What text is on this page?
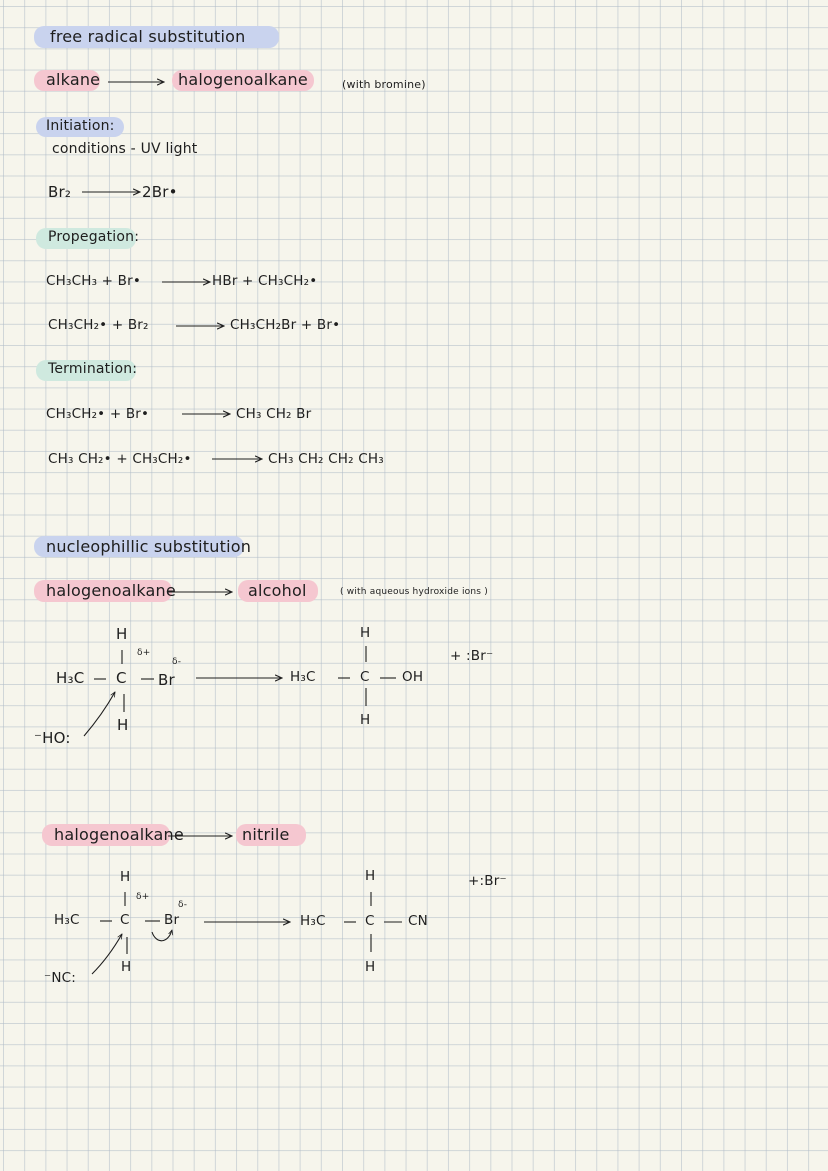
free radical substitution
alkane	halogenoalkane	(with bromine)
Initiation:
conditions - UV light
Br₂	2Br•
Propegation:
CH₃CH₃ + Br•	HBr + CH₃CH₂•
CH₃CH₂• + Br₂	CH₃CH₂Br + Br•
Termination:
CH₃CH₂• + Br•	CH₃ CH₂ Br
CH₃ CH₂• + CH₃CH₂•	CH₃ CH₂ CH₂ CH₃
nucleophillic substitution
halogenoalkane	alcohol	( with aqueous hydroxide ions )
H
δ+
δ-
H₃C C Br
H
⁻HO:
H
H₃C	C OH
H
+ :Br⁻
halogenoalkane	nitrile
H
δ+
δ-
H₃C	C	Br
H
⁻NC:
H
H₃C	C CN
H
+:Br⁻
